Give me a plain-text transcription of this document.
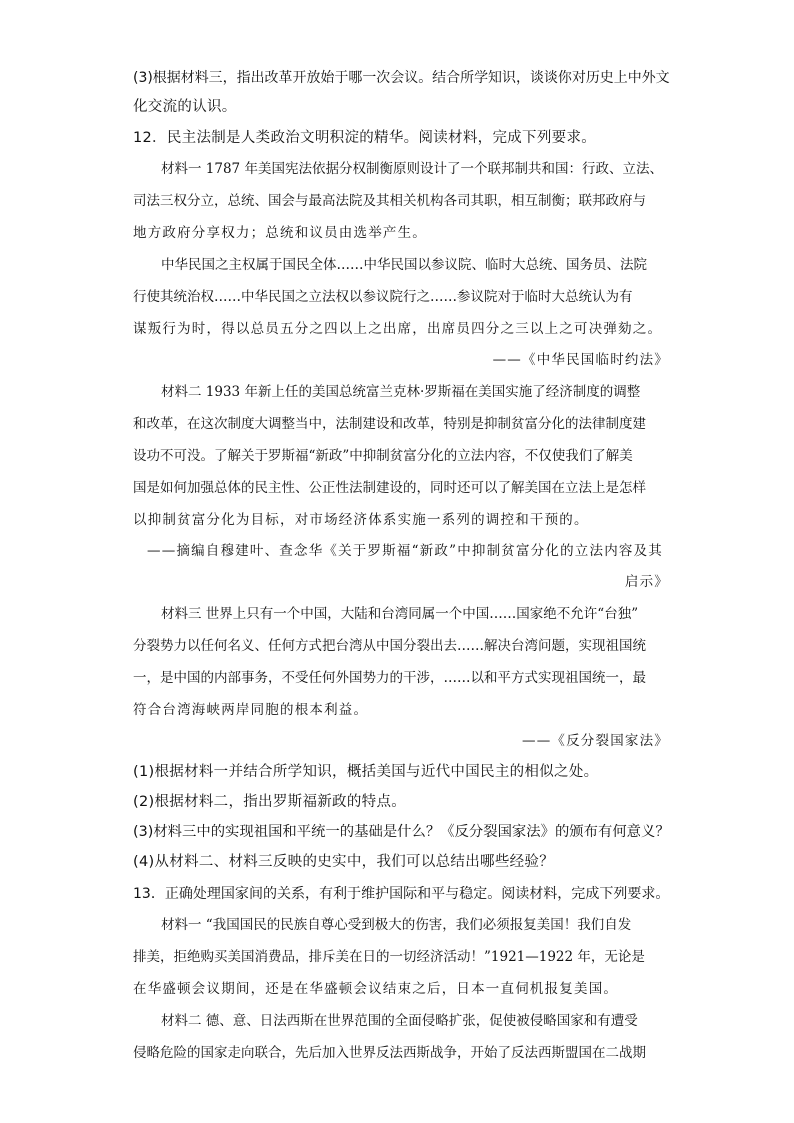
(3)根据材料三，指出改革开放始于哪一次会议。结合所学知识，谈谈你对历史上中外文

化交流的认识。

12．民主法制是人类政治文明积淀的精华。阅读材料，完成下列要求。

材料一 1787 年美国宪法依据分权制衡原则设计了一个联邦制共和国：行政、立法、

司法三权分立，总统、国会与最高法院及其相关机构各司其职，相互制衡；联邦政府与

地方政府分享权力；总统和议员由选举产生。

中华民国之主权属于国民全体……中华民国以参议院、临时大总统、国务员、法院

行使其统治权……中华民国之立法权以参议院行之……参议院对于临时大总统认为有

谋叛行为时，得以总员五分之四以上之出席，出席员四分之三以上之可决弹劾之。

——《中华民国临时约法》

材料二 1933 年新上任的美国总统富兰克林·罗斯福在美国实施了经济制度的调整

和改革，在这次制度大调整当中，法制建设和改革，特别是抑制贫富分化的法律制度建

设功不可没。了解关于罗斯福“新政”中抑制贫富分化的立法内容，不仅使我们了解美

国是如何加强总体的民主性、公正性法制建设的，同时还可以了解美国在立法上是怎样

以抑制贫富分化为目标，对市场经济体系实施一系列的调控和干预的。

——摘编自穆建叶、查念华《关于罗斯福“新政”中抑制贫富分化的立法内容及其

启示》

材料三 世界上只有一个中国，大陆和台湾同属一个中国……国家绝不允许“台独”

分裂势力以任何名义、任何方式把台湾从中国分裂出去……解决台湾问题，实现祖国统

一，是中国的内部事务，不受任何外国势力的干涉，……以和平方式实现祖国统一，最

符合台湾海峡两岸同胞的根本利益。

——《反分裂国家法》

(1)根据材料一并结合所学知识，概括美国与近代中国民主的相似之处。

(2)根据材料二，指出罗斯福新政的特点。

(3)材料三中的实现祖国和平统一的基础是什么？《反分裂国家法》的颁布有何意义？

(4)从材料二、材料三反映的史实中，我们可以总结出哪些经验？

13．正确处理国家间的关系，有利于维护国际和平与稳定。阅读材料，完成下列要求。

材料一 “我国国民的民族自尊心受到极大的伤害，我们必须报复美国！我们自发

排美，拒绝购买美国消费品，排斥美在日的一切经济活动！”1921—1922 年，无论是

在华盛顿会议期间，还是在华盛顿会议结束之后，日本一直伺机报复美国。

材料二 德、意、日法西斯在世界范围的全面侵略扩张，促使被侵略国家和有遭受

侵略危险的国家走向联合，先后加入世界反法西斯战争，开始了反法西斯盟国在二战期
